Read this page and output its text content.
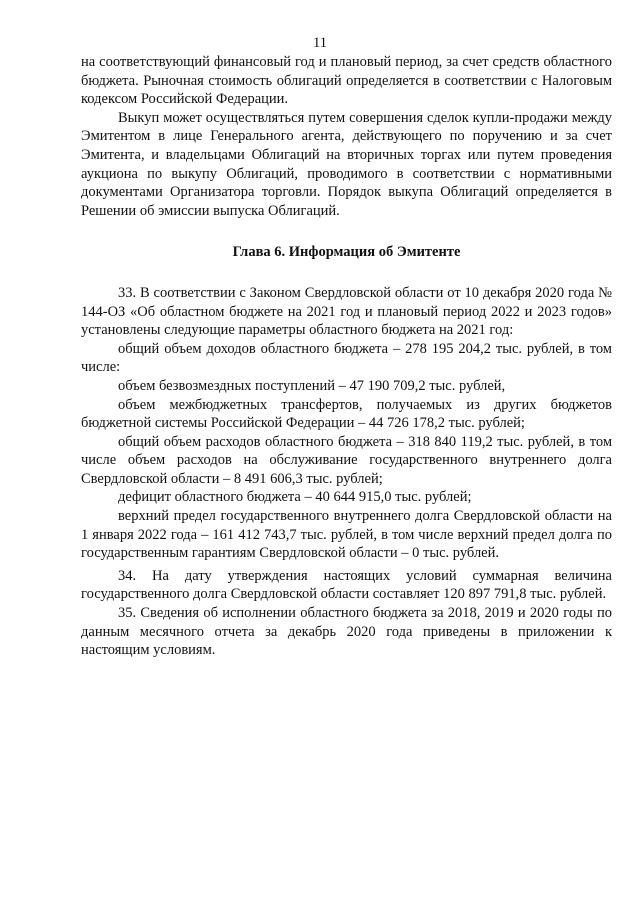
11

на соответствующий финансовый год и плановый период, за счет средств областного бюджета. Рыночная стоимость облигаций определяется в соответствии с Налоговым кодексом Российской Федерации.

Выкуп может осуществляться путем совершения сделок купли-продажи между Эмитентом в лице Генерального агента, действующего по поручению и за счет Эмитента, и владельцами Облигаций на вторичных торгах или путем проведения аукциона по выкупу Облигаций, проводимого в соответствии с нормативными документами Организатора торговли. Порядок выкупа Облигаций определяется в Решении об эмиссии выпуска Облигаций.

Глава 6. Информация об Эмитенте

33. В соответствии с Законом Свердловской области от 10 декабря 2020 года № 144-ОЗ «Об областном бюджете на 2021 год и плановый период 2022 и 2023 годов» установлены следующие параметры областного бюджета на 2021 год:

общий объем доходов областного бюджета – 278 195 204,2 тыс. рублей, в том числе:

объем безвозмездных поступлений – 47 190 709,2 тыс. рублей,

объем межбюджетных трансфертов, получаемых из других бюджетов бюджетной системы Российской Федерации – 44 726 178,2 тыс. рублей;

общий объем расходов областного бюджета – 318 840 119,2 тыс. рублей, в том числе объем расходов на обслуживание государственного внутреннего долга Свердловской области – 8 491 606,3 тыс. рублей;

дефицит областного бюджета – 40 644 915,0 тыс. рублей;

верхний предел государственного внутреннего долга Свердловской области на 1 января 2022 года – 161 412 743,7 тыс. рублей, в том числе верхний предел долга по государственным гарантиям Свердловской области – 0 тыс. рублей.

34. На дату утверждения настоящих условий суммарная величина государственного долга Свердловской области составляет 120 897 791,8 тыс. рублей.

35. Сведения об исполнении областного бюджета за 2018, 2019 и 2020 годы по данным месячного отчета за декабрь 2020 года приведены в приложении к настоящим условиям.
